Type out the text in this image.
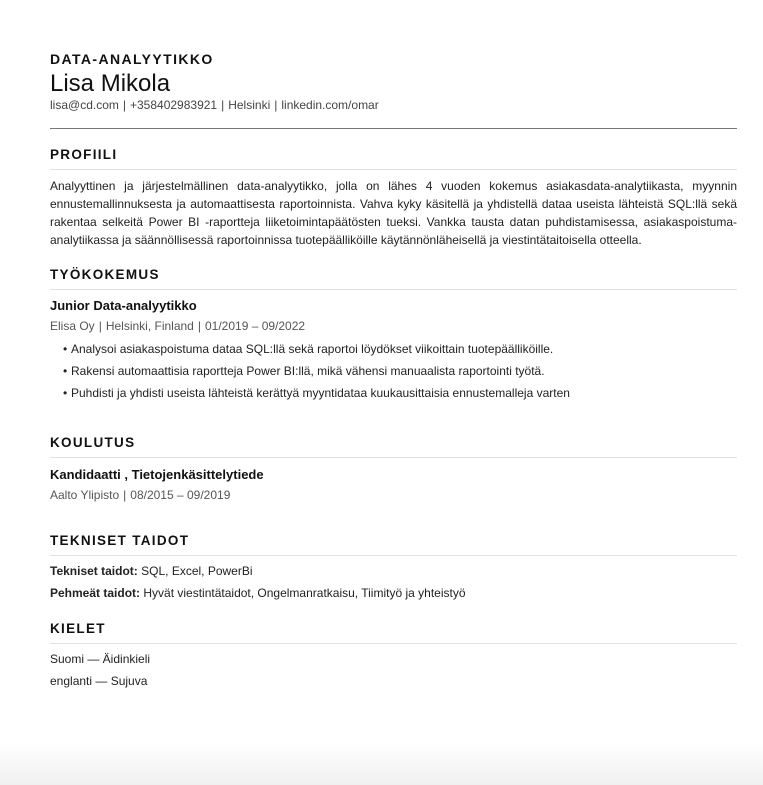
DATA-ANALYYTIKKO
Lisa Mikola
lisa@cd.com | +358402983921 | Helsinki | linkedin.com/omar
PROFIILI

Analyyttinen ja järjestelmällinen data-analyytikko, jolla on lähes 4 vuoden kokemus asiakasdata-analytiikasta, myynnin ennustemallinnuksesta ja automaattisesta raportoinnista. Vahva kyky käsitellä ja yhdistellä dataa useista lähteistä SQL:llä sekä rakentaa selkeitä Power BI -raportteja liiketoimintapäätösten tueksi. Vankka tausta datan puhdistamisessa, asiakaspoistuma-analytiikassa ja säännöllisessä raportoinnissa tuotepäälliköille käytännönläheisellä ja viestintätaitoisella otteella.

TYÖKOKEMUS
Junior Data-analyytikko
Elisa Oy | Helsinki, Finland | 01/2019 – 09/2022
• Analysoi asiakaspoistuma dataa SQL:llä sekä raportoi löydökset viikoittain tuotepäälliköille.
• Rakensi automaattisia raportteja Power BI:llä, mikä vähensi manuaalista raportointi työtä.
• Puhdisti ja yhdisti useista lähteistä kerättyä myyntidataa kuukausittaisia ennustemalleja varten
KOULUTUS
Kandidaatti , Tietojenkäsittelytiede
Aalto Ylipisto | 08/2015 – 09/2019
TEKNISET TAIDOT
Tekniset taidot: SQL, Excel, PowerBi
Pehmeät taidot: Hyvät viestintätaidot, Ongelmanratkaisu, Tiimityö ja yhteistyö
KIELET
Suomi — Äidinkieli
englanti — Sujuva
